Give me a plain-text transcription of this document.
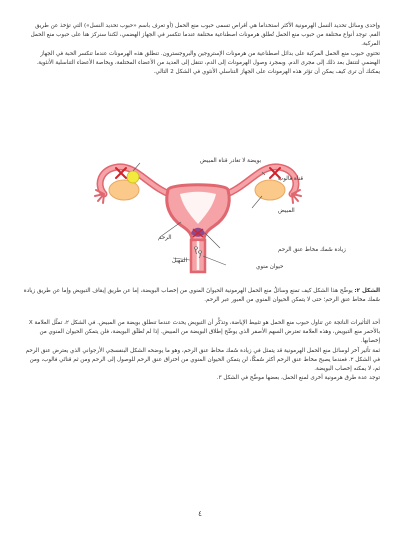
وإحدى وسائل تحديد النسل الهرمونية الأكثر استخداما هي أقراص تسمى حبوب منع الحمل (أو تعرف باسم «حبوب تحديد النسل») التي تؤخذ عن طريق الفم. توجد أنواع مختلفة من حبوب منع الحمل تُطلق هرمونات اصطناعية مختلفة عندما تتكسر في الجهاز الهضمي، لكننا سنركز هنا على حبوب منع الحمل المركبة.
تحتوي حبوب منع الحمل المركبة على بدائل اصطناعية من هرمونات الإستروجين والبروجسترون. تنطلق هذه الهرمونات عندما تنكسر الحبة في الجهاز الهضمي لتنتقل بعد ذلك إلى مجرى الدم. وبمجرد وصول الهرمونات إلى الدم، تنتقل إلى العديد من الأعضاء المختلفة، وبخاصة الأعضاء التناسلية الأنثوية.
يمكنك أن ترى كيف يمكن أن تؤثر هذه الهرمونات على الجهاز التناسلي الأنثوي في الشكل 2 التالي.
بويضة لا تغادر قناة المبيض
قناة فالوب
المبيض
الرحم
زيادة سُمك مخاط عنق الرحم
المهبل
حيوان منوي
الشكل ٢: يوضِّح هذا الشكل كيف تمنع وسائلُ منع الحمل الهرمونية الحيوانَ المنوي من إخصاب البويضة، إما عن طريق إيقاف التبويض وإما عن طريق زيادة سُمك مخاط عنق الرحم؛ حتى لا يتمكن الحيوان المنوي من العبور عبر الرحم.
أحد التأثيرات الناتجة عن تناول حبوب منع الحمل هو تثبيط الإباضة، وتذكَّر أن التبويض يحدث عندما تنطلق بويضة من المبيض. في الشكل ٢، تمثِّل العلامة X بالأحمر منع التبويض، وهذه العلامة تعترض السهم الأصفر الذي يوضِّح إطلاق البويضة من المبيض. إذا لم تُطلَق البويضة، فلن يتمكن الحيوان المنوي من إخصابها.
ثمة تأثير آخر لوسائل منع الحمل الهرمونية قد يتمثل في زيادة سُمك مخاط عنق الرحم، وهو ما يوضحه الشكل البنفسجي الأرجواني الذي يعترض عنق الرحم في الشكل ٢. فعندما يصبح مخاط عنق الرحم أكثر سُمكًا، لن يتمكن الحيوان المنوي من اختراق عنق الرحم للوصول إلى الرحم ومن ثم قناتَي فالوب، ومن ثم، لا يمكنه إخصاب البويضة.
توجد عدة طرق هرمونية أخرى لمنع الحمل، بعضها موضَّح في الشكل ٣.
٤
